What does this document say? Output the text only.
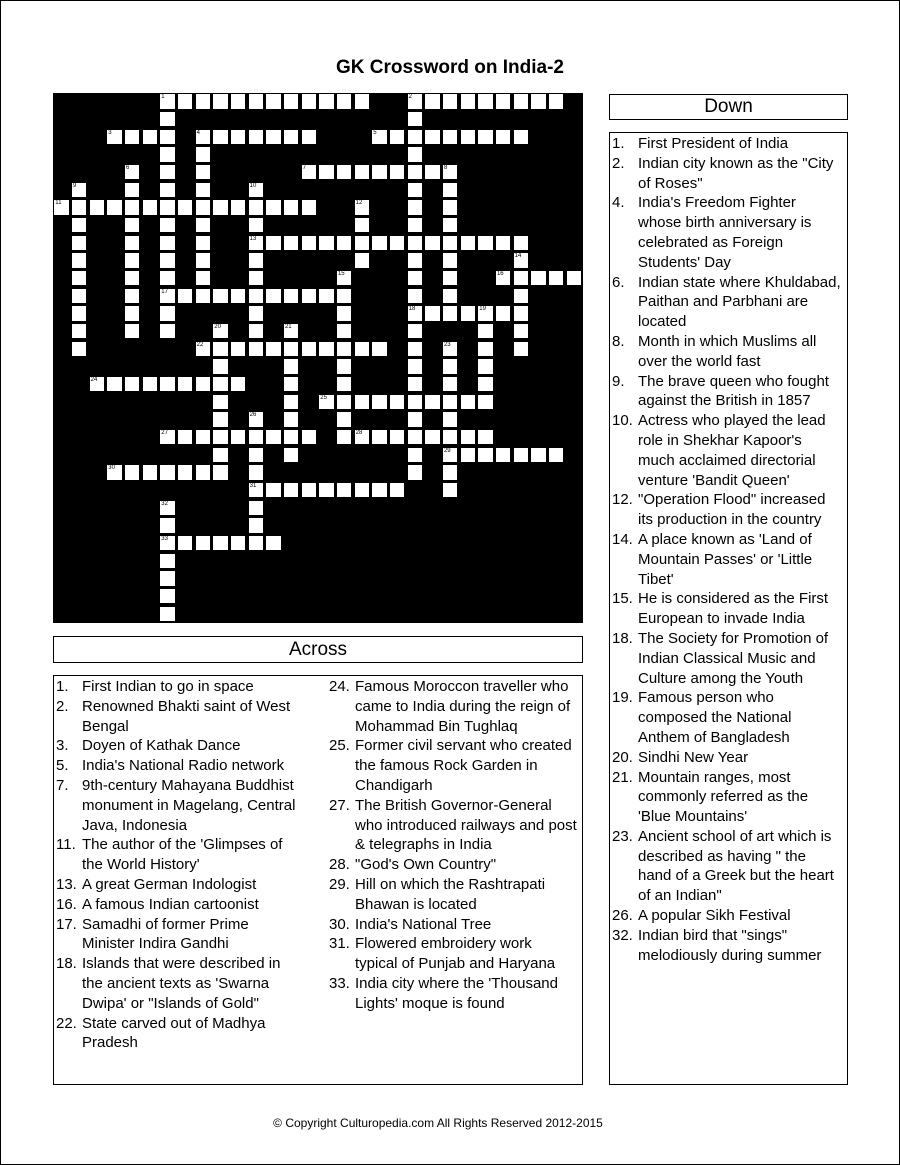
GK Crossword on India-2
1	2
3	4	5
7	8
11
13
16
17
18	19
22
24
25
27	28
29
30
31
33
6
9	10
12
14
15
20	21
23
26
32
Down
1. First President of India
2. Indian city known as the "City of Roses"
4. India's Freedom Fighter whose birth anniversary is celebrated as Foreign Students' Day
6. Indian state where Khuldabad, Paithan and Parbhani are located
8. Month in which Muslims all over the world fast
9. The brave queen who fought against the British in 1857
10. Actress who played the lead role in Shekhar Kapoor's much acclaimed directorial venture 'Bandit Queen'
12. "Operation Flood" increased its production in the country
14. A place known as 'Land of Mountain Passes' or 'Little Tibet'
15. He is considered as the First European to invade India
18. The Society for Promotion of Indian Classical Music and Culture among the Youth
19. Famous person who composed the National Anthem of Bangladesh
20. Sindhi New Year
21. Mountain ranges, most commonly referred as the 'Blue Mountains'
23. Ancient school of art which is described as having " the hand of a Greek but the heart of an Indian"
26. A popular Sikh Festival
32. Indian bird that "sings" melodiously during summer
Across
1. First Indian to go in space
2. Renowned Bhakti saint of West Bengal
3. Doyen of Kathak Dance
5. India's National Radio network
7. 9th-century Mahayana Buddhist monument in Magelang, Central Java, Indonesia
11. The author of the 'Glimpses of the World History'
13. A great German Indologist
16. A famous Indian cartoonist
17. Samadhi of former Prime Minister Indira Gandhi
18. Islands that were described in the ancient texts as 'Swarna Dwipa' or "Islands of Gold"
22. State carved out of Madhya Pradesh
24. Famous Moroccon traveller who came to India during the reign of Mohammad Bin Tughlaq
25. Former civil servant who created the famous Rock Garden in Chandigarh
27. The British Governor-General who introduced railways and post & telegraphs in India
28. "God's Own Country"
29. Hill on which the Rashtrapati Bhawan is located
30. India's National Tree
31. Flowered embroidery work typical of Punjab and Haryana
33. India city where the 'Thousand Lights' moque is found
© Copyright Culturopedia.com All Rights Reserved 2012-2015
